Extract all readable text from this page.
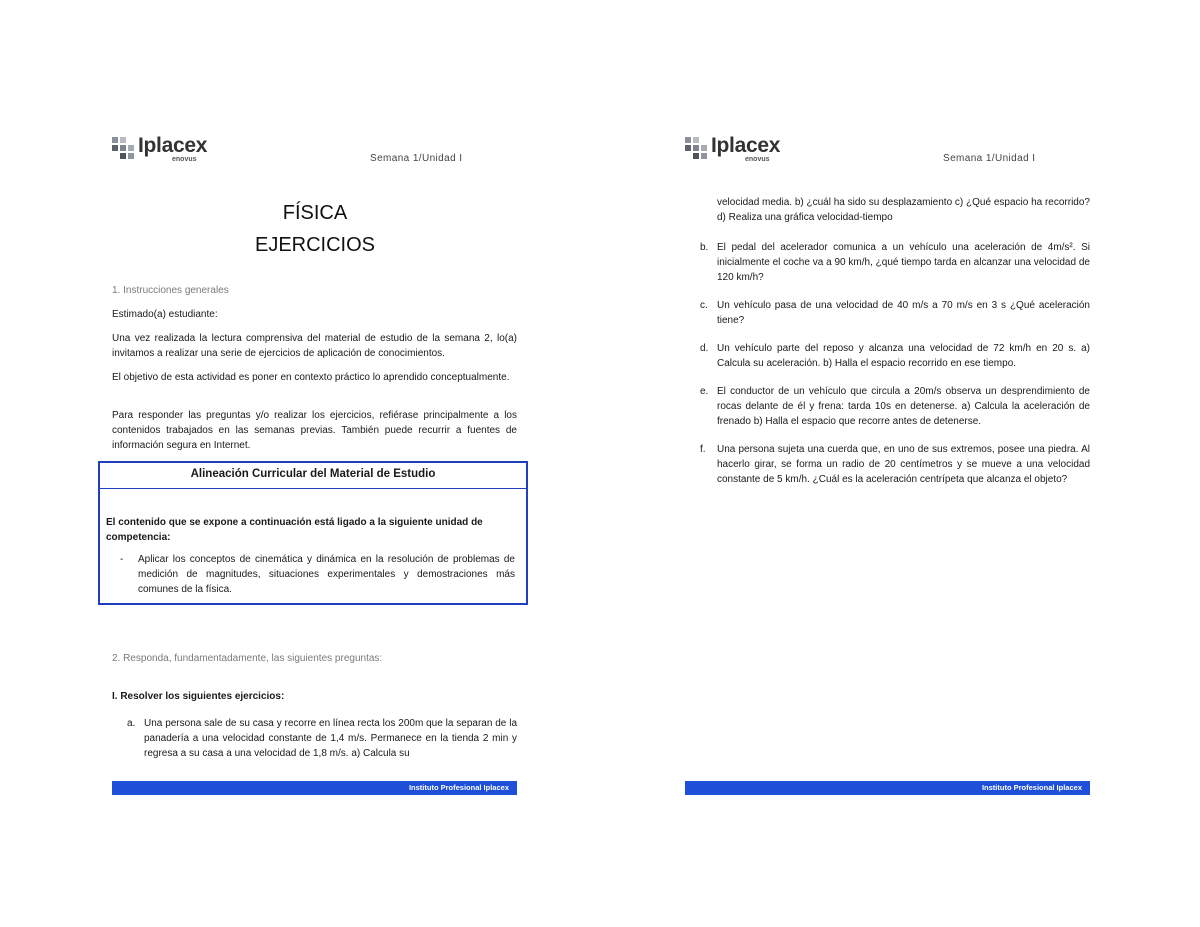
Iplacex
enovus	Semana 1/Unidad I
FÍSICA
EJERCICIOS
1. Instrucciones generales
Estimado(a) estudiante:
Una vez realizada la lectura comprensiva del material de estudio de la semana 2, lo(a) invitamos a realizar una serie de ejercicios de aplicación de conocimientos.
El objetivo de esta actividad es poner en contexto práctico lo aprendido conceptualmente.
Para responder las preguntas y/o realizar los ejercicios, refiérase principalmente a los contenidos trabajados en las semanas previas. También puede recurrir a fuentes de información segura en Internet.
Alineación Curricular del Material de Estudio
El contenido que se expone a continuación está ligado a la siguiente unidad de competencia:
- Aplicar los conceptos de cinemática y dinámica en la resolución de problemas de medición de magnitudes, situaciones experimentales y demostraciones más comunes de la física.
2. Responda, fundamentadamente, las siguientes preguntas:
I. Resolver los siguientes ejercicios:
a. Una persona sale de su casa y recorre en línea recta los 200m que la separan de la panadería a una velocidad constante de 1,4 m/s. Permanece en la tienda 2 min y regresa a su casa a una velocidad de 1,8 m/s. a) Calcula su
Instituto Profesional Iplacex
Iplacex
enovus	Semana 1/Unidad I
velocidad media. b) ¿cuál ha sido su desplazamiento c) ¿Qué espacio ha recorrido? d) Realiza una gráfica velocidad-tiempo
b. El pedal del acelerador comunica a un vehículo una aceleración de 4m/s². Si inicialmente el coche va a 90 km/h, ¿qué tiempo tarda en alcanzar una velocidad de 120 km/h?
c. Un vehículo pasa de una velocidad de 40 m/s a 70 m/s en 3 s ¿Qué aceleración tiene?
d. Un vehículo parte del reposo y alcanza una velocidad de 72 km/h en 20 s. a) Calcula su aceleración. b) Halla el espacio recorrido en ese tiempo.
e. El conductor de un vehículo que circula a 20m/s observa un desprendimiento de rocas delante de él y frena: tarda 10s en detenerse. a) Calcula la aceleración de frenado b) Halla el espacio que recorre antes de detenerse.
f. Una persona sujeta una cuerda que, en uno de sus extremos, posee una piedra. Al hacerlo girar, se forma un radio de 20 centímetros y se mueve a una velocidad constante de 5 km/h. ¿Cuál es la aceleración centrípeta que alcanza el objeto?
Instituto Profesional Iplacex
